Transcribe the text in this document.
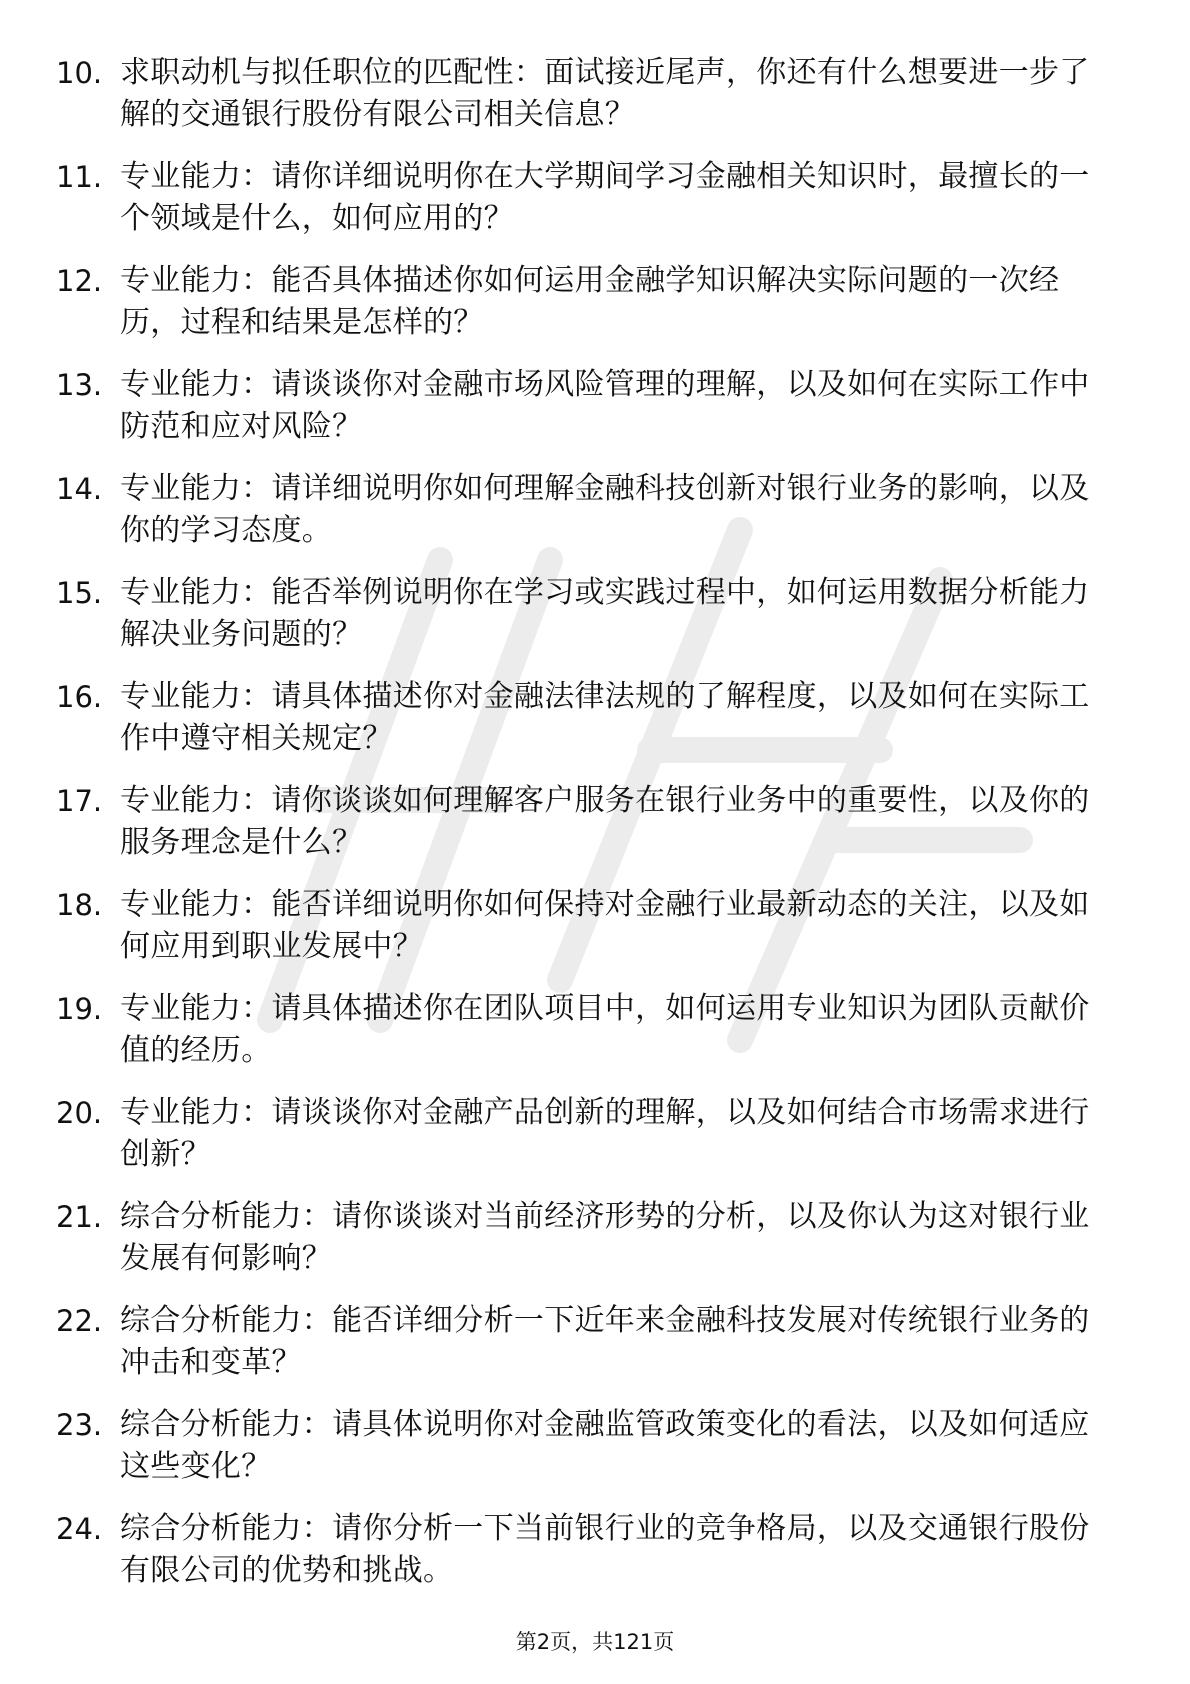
10. 求职动机与拟任职位的匹配性：面试接近尾声，你还有什么想要进一步了解的交通银行股份有限公司相关信息？
11. 专业能力：请你详细说明你在大学期间学习金融相关知识时，最擅长的一个领域是什么，如何应用的？
12. 专业能力：能否具体描述你如何运用金融学知识解决实际问题的一次经历，过程和结果是怎样的？
13. 专业能力：请谈谈你对金融市场风险管理的理解，以及如何在实际工作中防范和应对风险？
14. 专业能力：请详细说明你如何理解金融科技创新对银行业务的影响，以及你的学习态度。
15. 专业能力：能否举例说明你在学习或实践过程中，如何运用数据分析能力解决业务问题的？
16. 专业能力：请具体描述你对金融法律法规的了解程度，以及如何在实际工作中遵守相关规定？
17. 专业能力：请你谈谈如何理解客户服务在银行业务中的重要性，以及你的服务理念是什么？
18. 专业能力：能否详细说明你如何保持对金融行业最新动态的关注，以及如何应用到职业发展中？
19. 专业能力：请具体描述你在团队项目中，如何运用专业知识为团队贡献价值的经历。
20. 专业能力：请谈谈你对金融产品创新的理解，以及如何结合市场需求进行创新？
21. 综合分析能力：请你谈谈对当前经济形势的分析，以及你认为这对银行业发展有何影响？
22. 综合分析能力：能否详细分析一下近年来金融科技发展对传统银行业务的冲击和变革？
23. 综合分析能力：请具体说明你对金融监管政策变化的看法，以及如何适应这些变化？
24. 综合分析能力：请你分析一下当前银行业的竞争格局，以及交通银行股份有限公司的优势和挑战。
第2页，共121页
